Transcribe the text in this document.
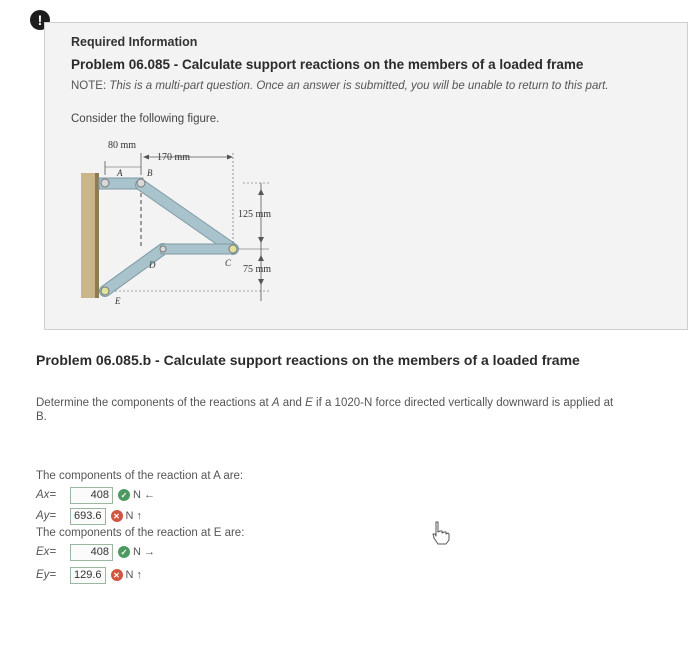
!
Required Information
Problem 06.085 - Calculate support reactions on the members of a loaded frame
NOTE: This is a multi-part question. Once an answer is submitted, you will be unable to return to this part.
Consider the following figure.
80 mm
170 mm
125 mm
75 mm
A	B
C
D
E
Problem 06.085.b - Calculate support reactions on the members of a loaded frame
Determine the components of the reactions at A and E if a 1020-N force directed vertically downward is applied at
B.
The components of the reaction at A are:
Ax=	408	✓ N ←
Ay=	693.6	✕ N ↑
The components of the reaction at E are:
Ex=	408	✓ N →
Ey=	129.6	✕ N ↑
